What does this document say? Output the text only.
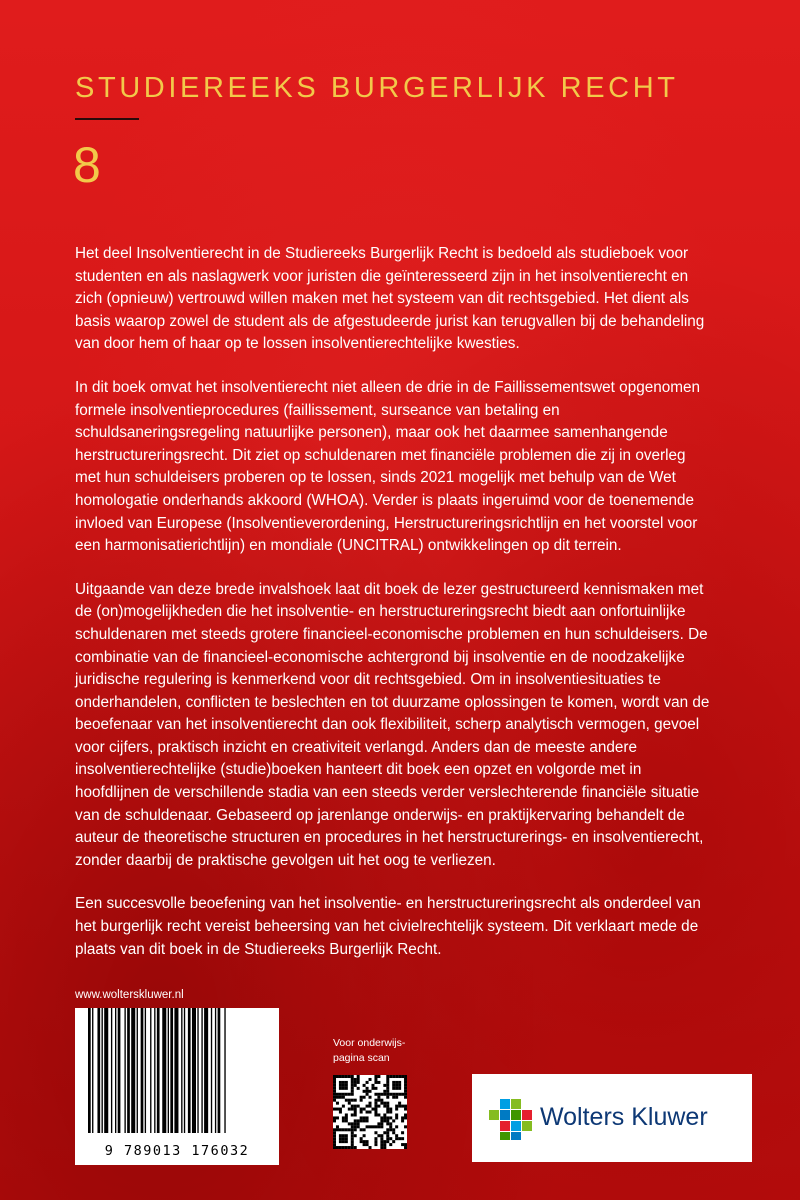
STUDIEREEKS BURGERLIJK RECHT
8

Het deel Insolventierecht in de Studiereeks Burgerlijk Recht is bedoeld als studieboek voor studenten en als naslagwerk voor juristen die geïnteresseerd zijn in het insolventierecht en zich (opnieuw) vertrouwd willen maken met het systeem van dit rechtsgebied. Het dient als basis waarop zowel de student als de afgestudeerde jurist kan terugvallen bij de behandeling van door hem of haar op te lossen insolventierechtelijke kwesties.

In dit boek omvat het insolventierecht niet alleen de drie in de Faillissementswet opgenomen formele insolventieprocedures (faillissement, surseance van betaling en schuldsaneringsregeling natuurlijke personen), maar ook het daarmee samenhangende herstructureringsrecht. Dit ziet op schuldenaren met financiële problemen die zij in overleg met hun schuldeisers proberen op te lossen, sinds 2021 mogelijk met behulp van de Wet homologatie onderhands akkoord (WHOA). Verder is plaats ingeruimd voor de toenemende invloed van Europese (Insolventieverordening, Herstructureringsrichtlijn en het voorstel voor een harmonisatierichtlijn) en mondiale (UNCITRAL) ontwikkelingen op dit terrein.

Uitgaande van deze brede invalshoek laat dit boek de lezer gestructureerd kennismaken met de (on)mogelijkheden die het insolventie- en herstructureringsrecht biedt aan onfortuinlijke schuldenaren met steeds grotere financieel-economische problemen en hun schuldeisers. De combinatie van de financieel-economische achtergrond bij insolventie en de noodzakelijke juridische regulering is kenmerkend voor dit rechtsgebied. Om in insolventiesituaties te onderhandelen, conflicten te beslechten en tot duurzame oplossingen te komen, wordt van de beoefenaar van het insolventierecht dan ook flexibiliteit, scherp analytisch vermogen, gevoel voor cijfers, praktisch inzicht en creativiteit verlangd. Anders dan de meeste andere insolventierechtelijke (studie)boeken hanteert dit boek een opzet en volgorde met in hoofdlijnen de verschillende stadia van een steeds verder verslechterende financiële situatie van de schuldenaar. Gebaseerd op jarenlange onderwijs- en praktijkervaring behandelt de auteur de theoretische structuren en procedures in het herstructurerings- en insolventierecht, zonder daarbij de praktische gevolgen uit het oog te verliezen.

Een succesvolle beoefening van het insolventie- en herstructureringsrecht als onderdeel van het burgerlijk recht vereist beheersing van het civielrechtelijk systeem. Dit verklaart mede de plaats van dit boek in de Studiereeks Burgerlijk Recht.

www.wolterskluwer.nl
9 789013 176032
Voor onderwijs-
pagina scan
Wolters Kluwer
